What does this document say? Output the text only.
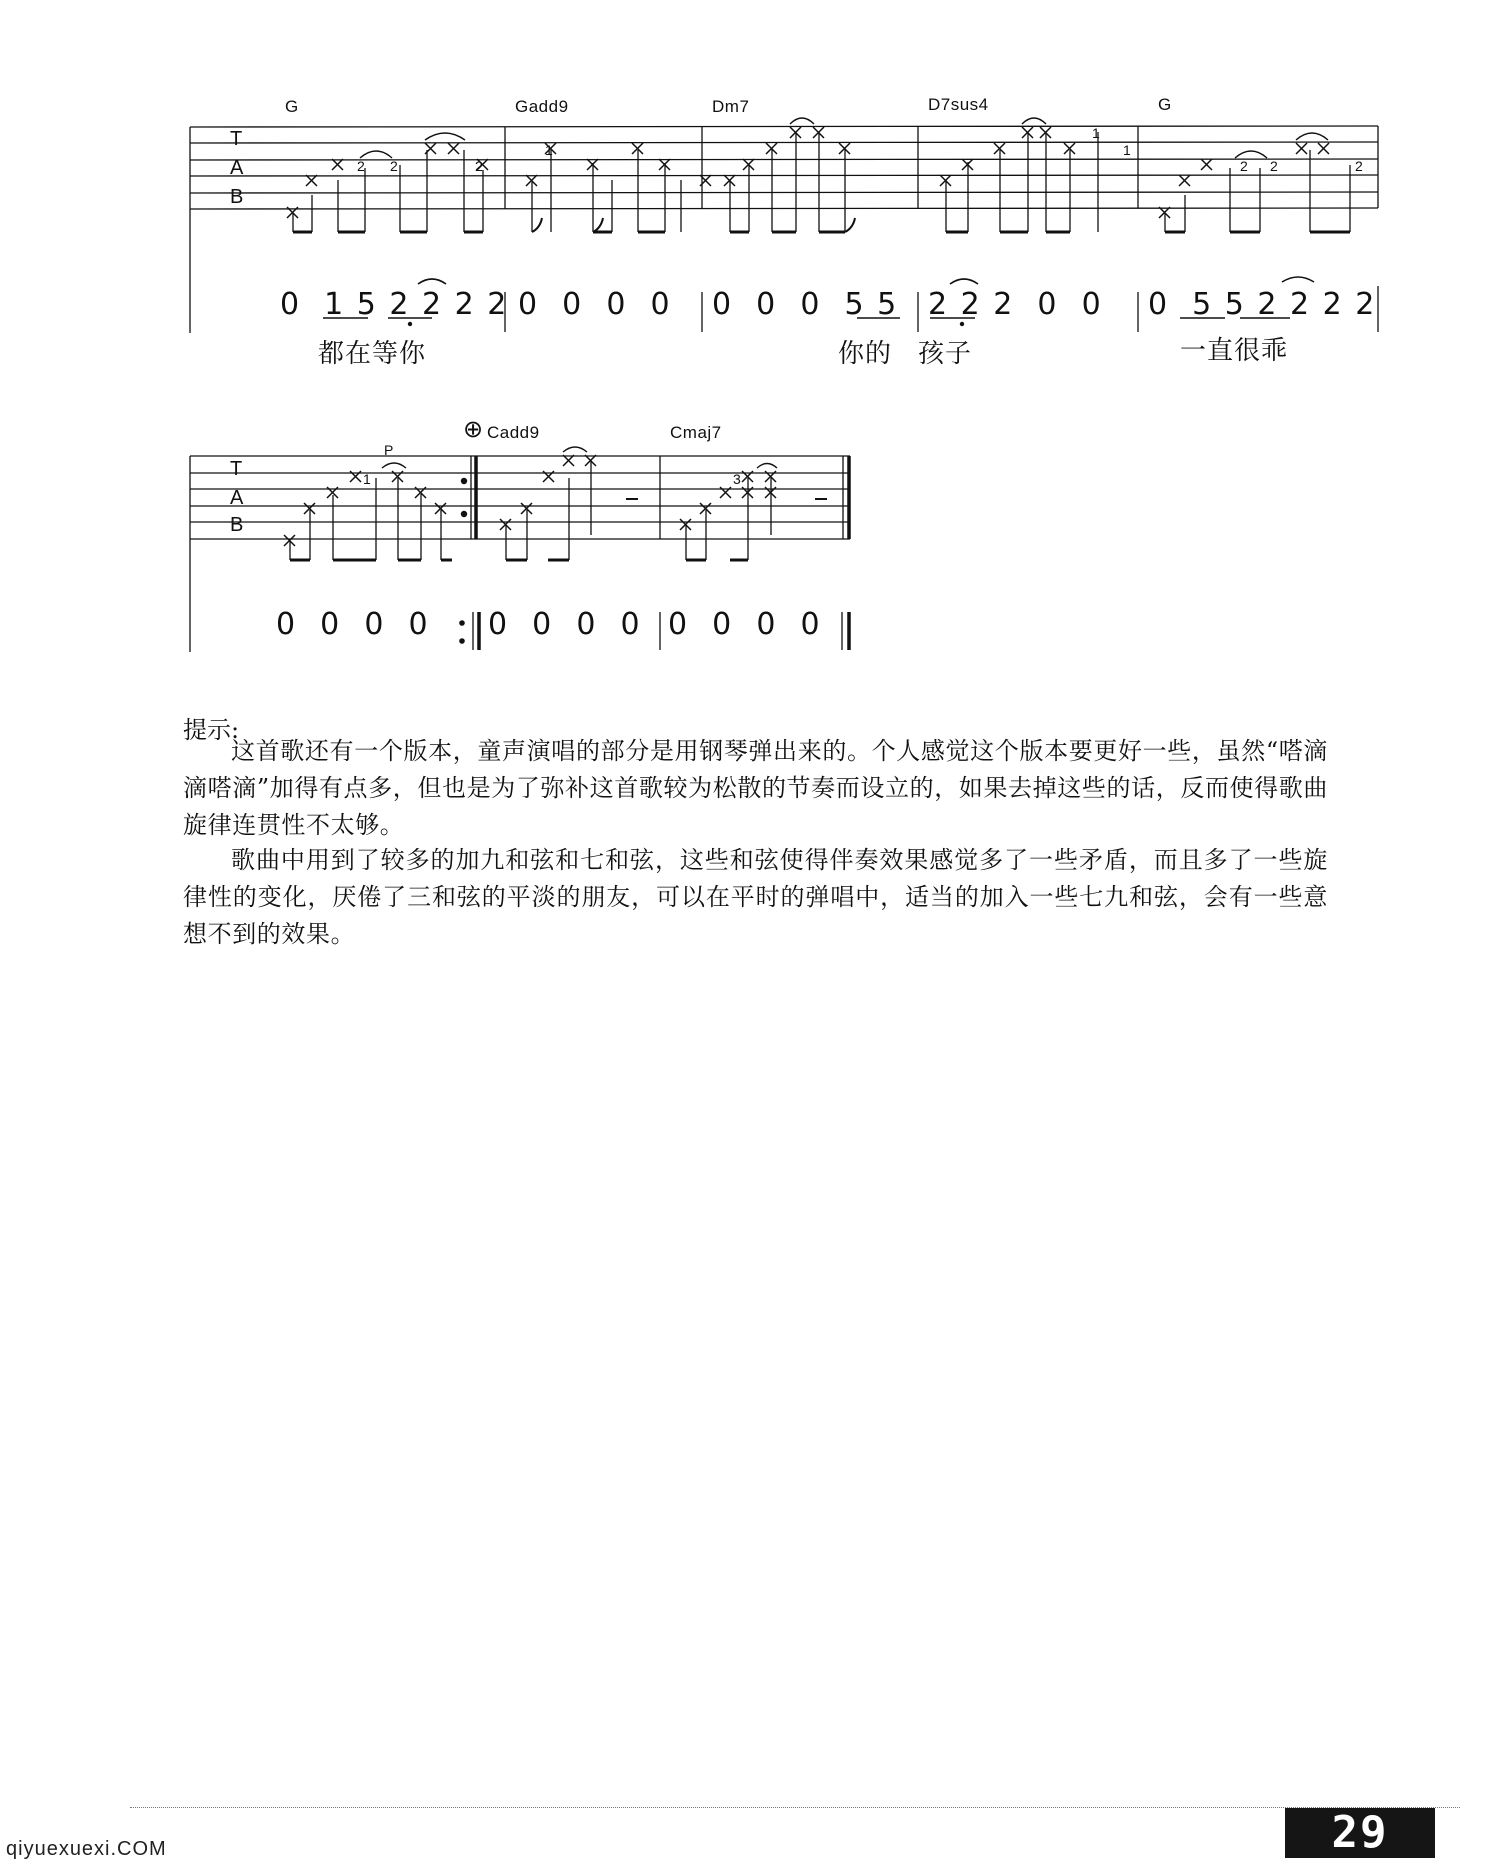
G	Gadd9	Dm7	D7sus4	G
2 2	2
1
1
1
2 2	2
T
A
B
0  1 5 2 2 2 2 0  0  0  0 0  0  0  5 5 2 2 2  0  0 0  5 5 2 2 2 2
都在等你	你的 孩子	一直很乖
⊕ Cadd9	Cmaj7
P
1	3
T
A
B
0  0  0  0 0  0  0  0 0  0  0  0
提示:

这首歌还有一个版本，童声演唱的部分是用钢琴弹出来的。个人感觉这个版本要更好一些，虽然“嗒滴滴嗒滴”加得有点多，但也是为了弥补这首歌较为松散的节奏而设立的，如果去掉这些的话，反而使得歌曲旋律连贯性不太够。

歌曲中用到了较多的加九和弦和七和弦，这些和弦使得伴奏效果感觉多了一些矛盾，而且多了一些旋律性的变化，厌倦了三和弦的平淡的朋友，可以在平时的弹唱中，适当的加入一些七九和弦，会有一些意想不到的效果。

29
qiyuexuexi.COM
